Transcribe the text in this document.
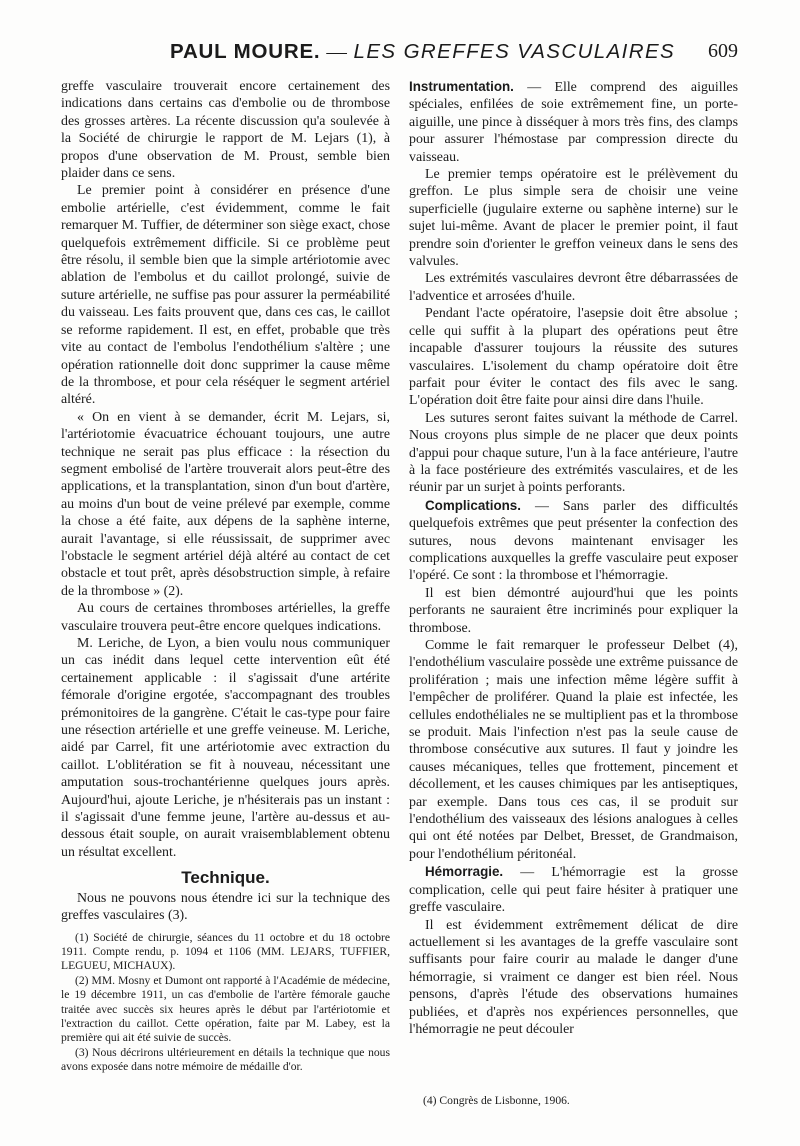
PAUL MOURE. — LES GREFFES VASCULAIRES 609

greffe vasculaire trouverait encore certainement des indications dans certains cas d'embolie ou de thrombose des grosses artères. La récente discussion qu'a soulevée à la Société de chirurgie le rapport de M. Lejars (1), à propos d'une observation de M. Proust, semble bien plaider dans ce sens.

Le premier point à considérer en présence d'une embolie artérielle, c'est évidemment, comme le fait remarquer M. Tuffier, de déterminer son siège exact, chose quelquefois extrêmement difficile. Si ce problème peut être résolu, il semble bien que la simple artériotomie avec ablation de l'embolus et du caillot prolongé, suivie de suture artérielle, ne suffise pas pour assurer la perméabilité du vaisseau. Les faits prouvent que, dans ces cas, le caillot se reforme rapidement. Il est, en effet, probable que très vite au contact de l'embolus l'endothélium s'altère ; une opération rationnelle doit donc supprimer la cause même de la thrombose, et pour cela réséquer le segment artériel altéré.

« On en vient à se demander, écrit M. Lejars, si, l'artériotomie évacuatrice échouant toujours, une autre technique ne serait pas plus efficace : la résection du segment embolisé de l'artère trouverait alors peut-être des applications, et la transplantation, sinon d'un bout d'artère, au moins d'un bout de veine prélevé par exemple, comme la chose a été faite, aux dépens de la saphène interne, aurait l'avantage, si elle réussissait, de supprimer avec l'obstacle le segment artériel déjà altéré au contact de cet obstacle et tout prêt, après désobstruction simple, à refaire de la thrombose » (2).

Au cours de certaines thromboses artérielles, la greffe vasculaire trouvera peut-être encore quelques indications.

M. Leriche, de Lyon, a bien voulu nous communiquer un cas inédit dans lequel cette intervention eût été certainement applicable : il s'agissait d'une artérite fémorale d'origine ergotée, s'accompagnant des troubles prémonitoires de la gangrène. C'était le cas-type pour faire une résection artérielle et une greffe veineuse. M. Leriche, aidé par Carrel, fit une artériotomie avec extraction du caillot. L'oblitération se fit à nouveau, nécessitant une amputation sous-trochantérienne quelques jours après. Aujourd'hui, ajoute Leriche, je n'hésiterais pas un instant : il s'agissait d'une femme jeune, l'artère au-dessus et au-dessous était souple, on aurait vraisemblablement obtenu un résultat excellent.

Technique.

Nous ne pouvons nous étendre ici sur la technique des greffes vasculaires (3).

(1) Société de chirurgie, séances du 11 octobre et du 18 octobre 1911. Compte rendu, p. 1094 et 1106 (MM. LEJARS, TUFFIER, LEGUEU, MICHAUX).

(2) MM. Mosny et Dumont ont rapporté à l'Académie de médecine, le 19 décembre 1911, un cas d'embolie de l'artère fémorale gauche traitée avec succès six heures après le début par l'artériotomie et l'extraction du caillot. Cette opération, faite par M. Labey, est la première qui ait été suivie de succès.

(3) Nous décrirons ultérieurement en détails la technique que nous avons exposée dans notre mémoire de médaille d'or.

Instrumentation. — Elle comprend des aiguilles spéciales, enfilées de soie extrêmement fine, un porte-aiguille, une pince à disséquer à mors très fins, des clamps pour assurer l'hémostase par compression directe du vaisseau.

Le premier temps opératoire est le prélèvement du greffon. Le plus simple sera de choisir une veine superficielle (jugulaire externe ou saphène interne) sur le sujet lui-même. Avant de placer le premier point, il faut prendre soin d'orienter le greffon veineux dans le sens des valvules.

Les extrémités vasculaires devront être débarrassées de l'adventice et arrosées d'huile.

Pendant l'acte opératoire, l'asepsie doit être absolue ; celle qui suffit à la plupart des opérations peut être incapable d'assurer toujours la réussite des sutures vasculaires. L'isolement du champ opératoire doit être parfait pour éviter le contact des fils avec le sang. L'opération doit être faite pour ainsi dire dans l'huile.

Les sutures seront faites suivant la méthode de Carrel. Nous croyons plus simple de ne placer que deux points d'appui pour chaque suture, l'un à la face antérieure, l'autre à la face postérieure des extrémités vasculaires, et de les réunir par un surjet à points perforants.

Complications. — Sans parler des difficultés quelquefois extrêmes que peut présenter la confection des sutures, nous devons maintenant envisager les complications auxquelles la greffe vasculaire peut exposer l'opéré. Ce sont : la thrombose et l'hémorragie.

Il est bien démontré aujourd'hui que les points perforants ne sauraient être incriminés pour expliquer la thrombose.

Comme le fait remarquer le professeur Delbet (4), l'endothélium vasculaire possède une extrême puissance de prolifération ; mais une infection même légère suffit à l'empêcher de proliférer. Quand la plaie est infectée, les cellules endothéliales ne se multiplient pas et la thrombose se produit. Mais l'infection n'est pas la seule cause de thrombose consécutive aux sutures. Il faut y joindre les causes mécaniques, telles que frottement, pincement et décollement, et les causes chimiques par les antiseptiques, par exemple. Dans tous ces cas, il se produit sur l'endothélium des vaisseaux des lésions analogues à celles qui ont été notées par Delbet, Bresset, de Grandmaison, pour l'endothélium péritonéal.

Hémorragie. — L'hémorragie est la grosse complication, celle qui peut faire hésiter à pratiquer une greffe vasculaire.

Il est évidemment extrêmement délicat de dire actuellement si les avantages de la greffe vasculaire sont suffisants pour faire courir au malade le danger d'une hémorragie, si vraiment ce danger est bien réel. Nous pensons, d'après l'étude des observations humaines publiées, et d'après nos expériences personnelles, que l'hémorragie ne peut découler

(4) Congrès de Lisbonne, 1906.
